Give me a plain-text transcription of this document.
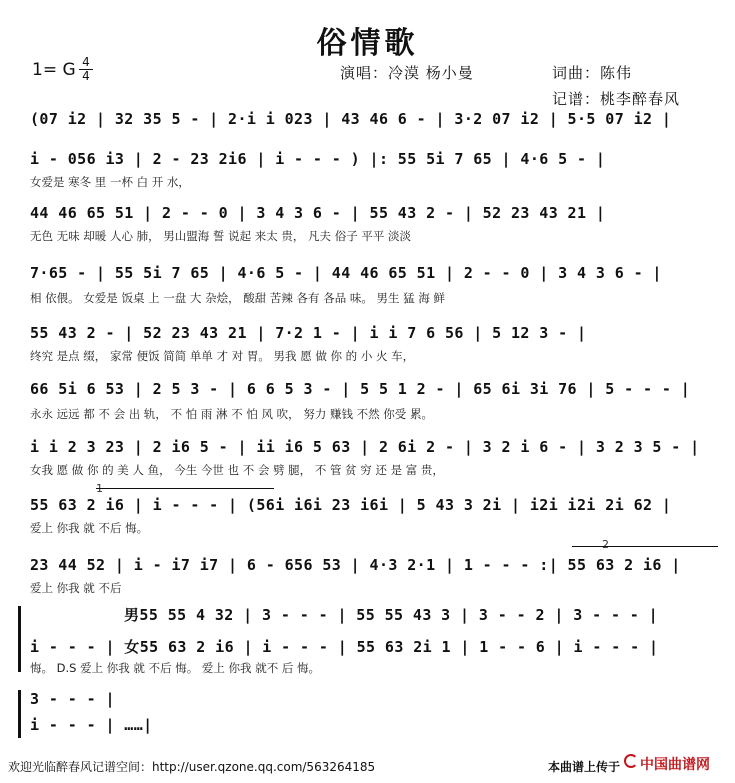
俗情歌
1= G 4
4	演唱：冷漠 杨小曼	词曲：陈伟
记谱：桃李醉春风
(07 i2 | 32 35 5 - | 2·i i 023 | 43 46 6 - | 3·2 07 i2 | 5·5 07 i2 |
i - 056 i3 | 2 - 23 2i6 | i - - - ) |: 55 5i 7 65 | 4·6 5 - |
女爱是 寒冬 里 一杯 白 开 水，
44 46 65 51 | 2 - - 0 | 3 4 3 6 - | 55 43 2 - | 52 23 43 21 |
无色 无味 却暖 人心 肺， 男山盟海 誓 说起 来太 贵， 凡夫 俗子 平平 淡淡
7·65 - | 55 5i 7 65 | 4·6 5 - | 44 46 65 51 | 2 - - 0 | 3 4 3 6 - |
相 依偎。 女爱是 饭桌 上 一盘 大 杂烩， 酸甜 苦辣 各有 各品 味。 男生 猛 海 鲜
55 43 2 - | 52 23 43 21 | 7·2 1 - | i i 7 6 56 | 5 12 3 - |
终究 是点 缀， 家常 便饭 简简 单单 才 对 胃。 男我 愿 做 你 的 小 火 车，
66 5i 6 53 | 2 5 3 - | 6 6 5 3 - | 5 5 1 2 - | 65 6i 3i 76 | 5 - - - |
永永 远远 都 不 会 出 轨， 不 怕 雨 淋 不 怕 风 吹， 努力 赚钱 不然 你受 累。
i i 2 3 23 | 2 i6 5 - | ii i6 5 63 | 2 6i 2 - | 3 2 i 6 - | 3 2 3 5 - |
女我 愿 做 你 的 美 人 鱼， 今生 今世 也 不 会 劈 腿， 不 管 贫 穷 还 是 富 贵，
1
55 63 2 i6 | i - - - | (56i i6i 23 i6i | 5 43 3 2i | i2i i2i 2i 62 |
爱上 你我 就 不后 悔。
2
23 44 52 | i - i7 i7 | 6 - 656 53 | 4·3 2·1 | 1 - - - :| 55 63 2 i6 |
爱上 你我 就 不后
男55 55 4 32 | 3 - - - | 55 55 43 3 | 3 - - 2 | 3 - - - |
i - - - | 女55 63 2 i6 | i - - - | 55 63 2i 1 | 1 - - 6 | i - - - |
悔。 D.S 爱上 你我 就 不后 悔。 爱上 你我 就不 后 悔。
3 - - - |
i - - - | ……|
欢迎光临醉春风记谱空间：http://user.qzone.qq.com/563264185	本曲谱上传于 中国曲谱网
